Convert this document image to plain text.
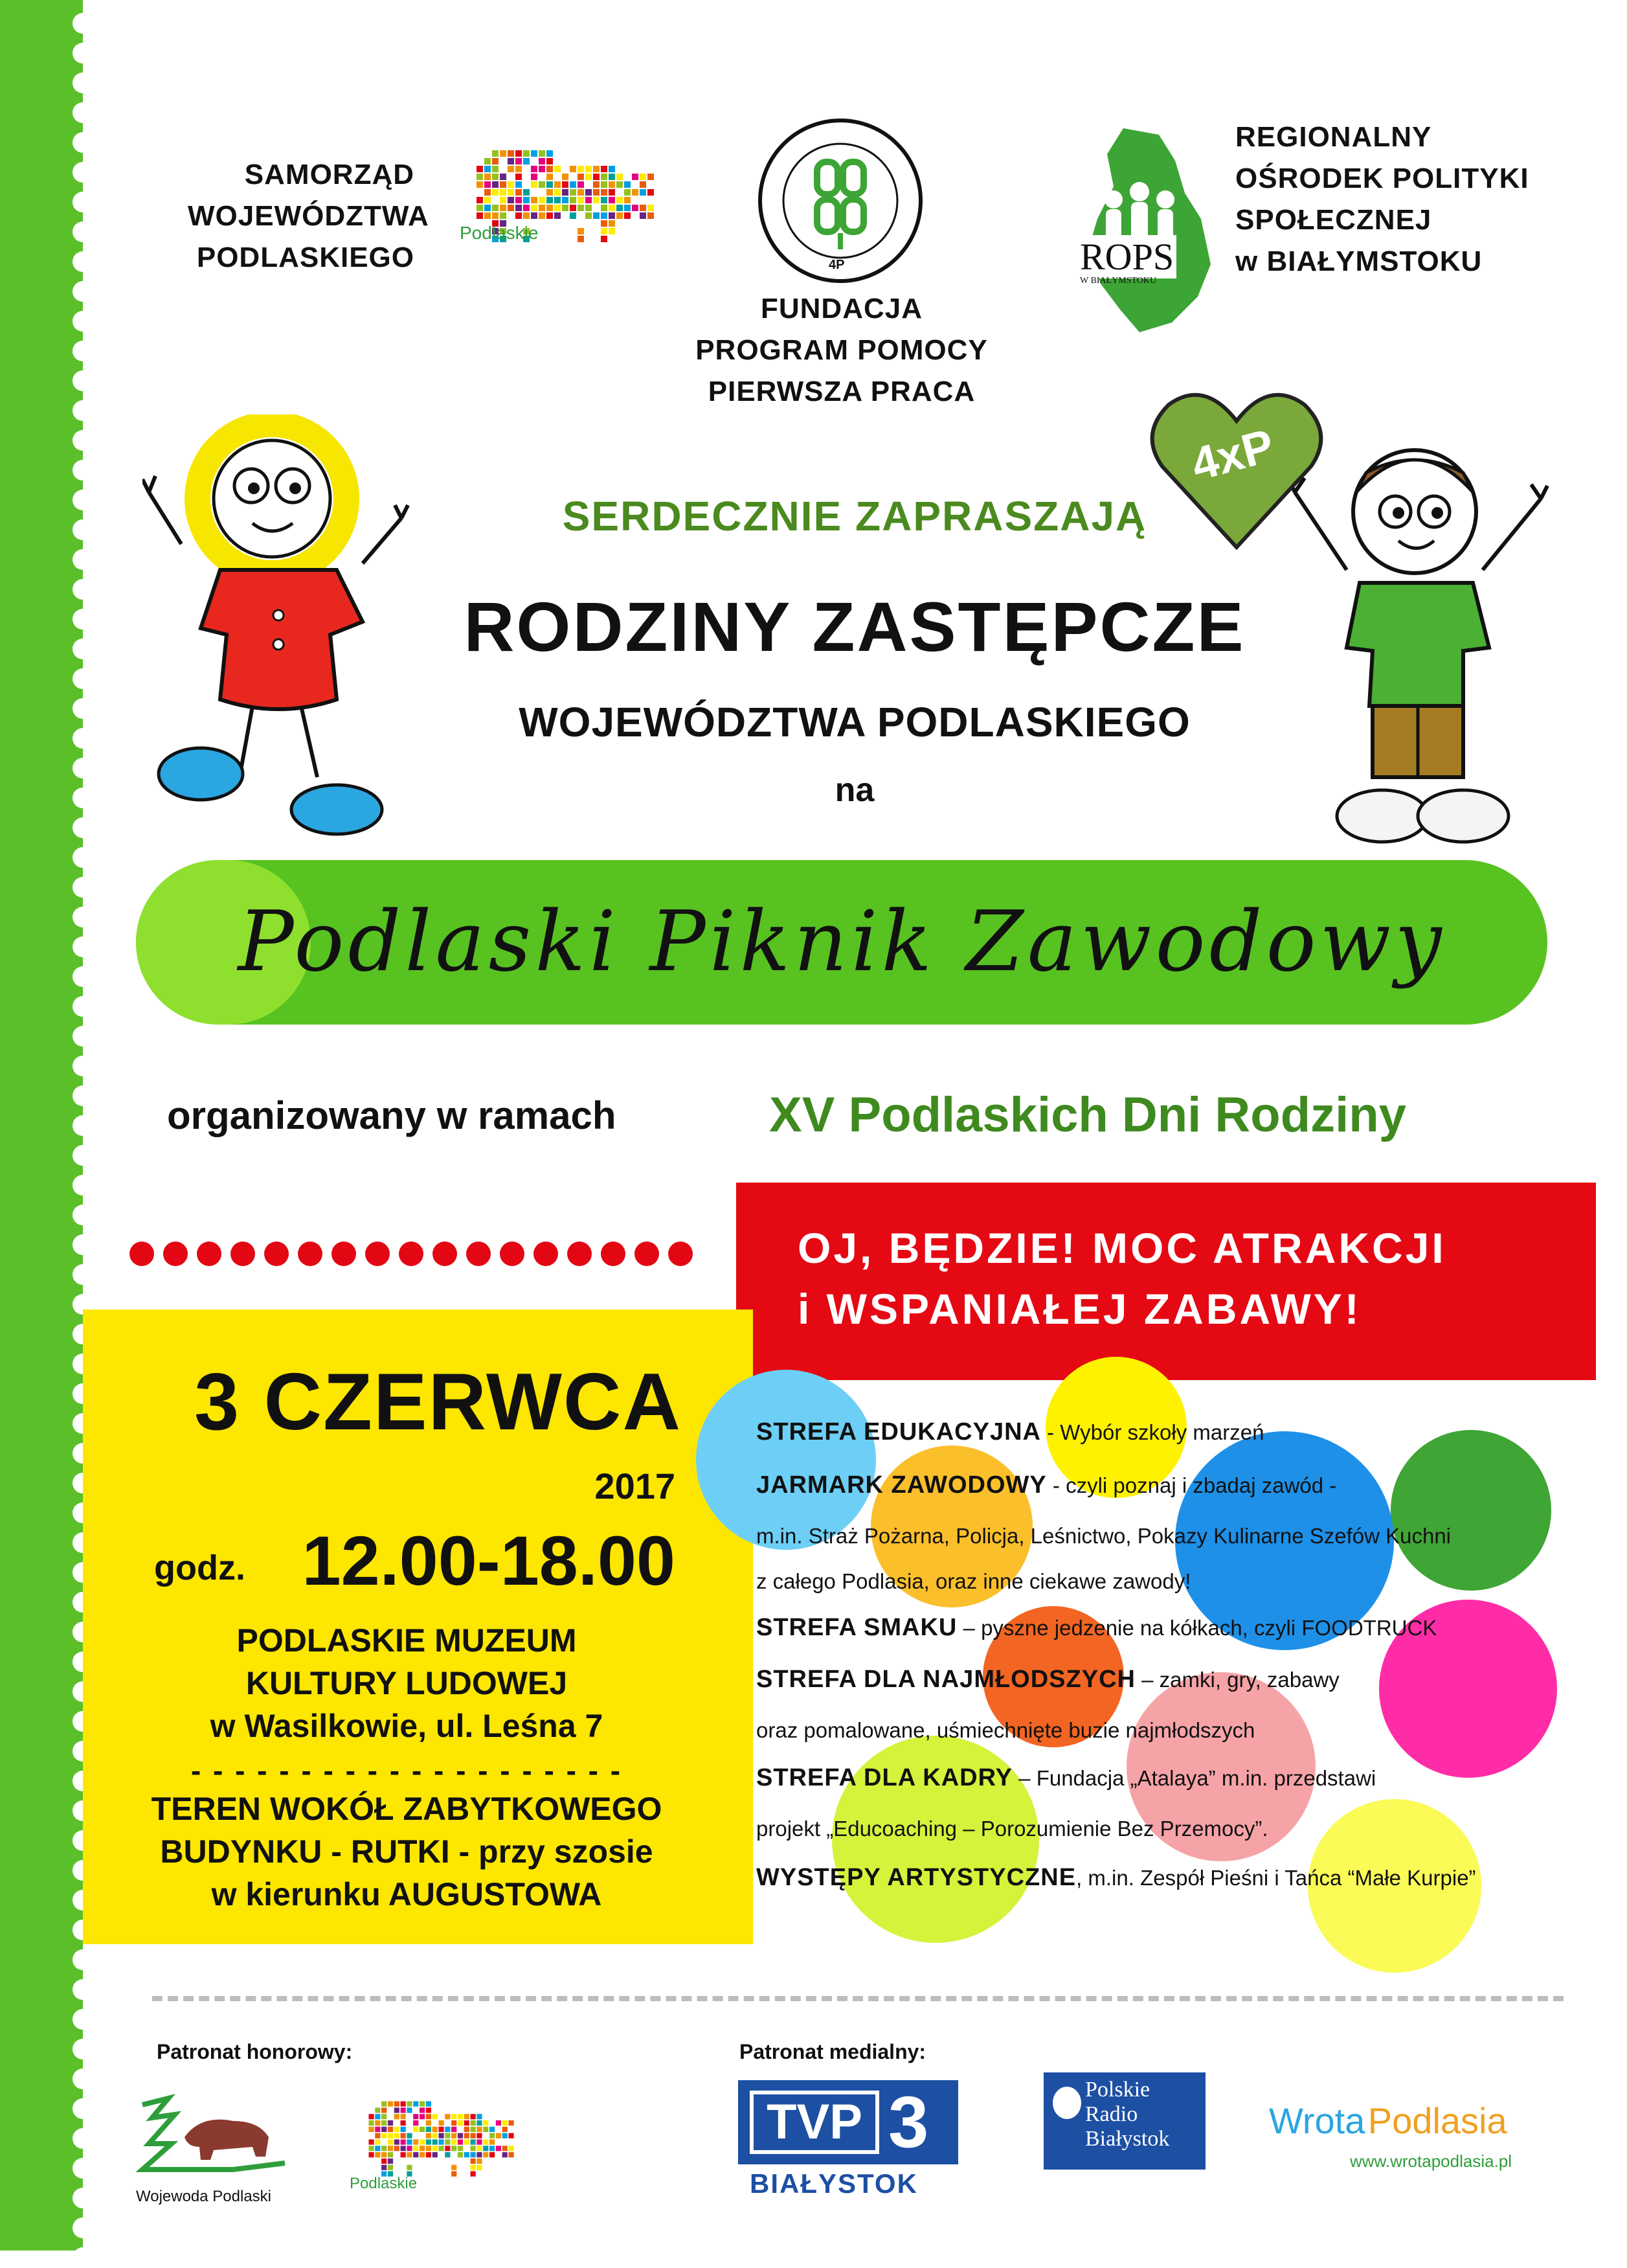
SAMORZĄD
WOJEWÓDZTWA
PODLASKIEGO
Podlaskie
4P
FUNDACJA
PROGRAM POMOCY
PIERWSZA PRACA
ROPS
W BIAŁYMSTOKU
REGIONALNY
OŚRODEK POLITYKI
SPOŁECZNEJ
w BIAŁYMSTOKU
4xP
SERDECZNIE ZAPRASZAJĄ
RODZINY ZASTĘPCZE
WOJEWÓDZTWA PODLASKIEGO
na
Podlaski Piknik Zawodowy
organizowany w ramach	XV Podlaskich Dni Rodziny
OJ, BĘDZIE! MOC ATRAKCJI
i WSPANIAŁEJ ZABAWY!
3 CZERWCA
2017
godz. 12.00-18.00
PODLASKIE MUZEUM
KULTURY LUDOWEJ
w Wasilkowie, ul. Leśna 7
- - - - - - - - - - - - - - - - - - - -
TEREN WOKÓŁ ZABYTKOWEGO
BUDYNKU - RUTKI - przy szosie
w kierunku AUGUSTOWA
STREFA EDUKACYJNA - Wybór szkoły marzeń
JARMARK ZAWODOWY - czyli poznaj i zbadaj zawód -
m.in. Straż Pożarna, Policja, Leśnictwo, Pokazy Kulinarne Szefów Kuchni
z całego Podlasia, oraz inne ciekawe zawody!
STREFA SMAKU – pyszne jedzenie na kółkach, czyli FOODTRUCK
STREFA DLA NAJMŁODSZYCH – zamki, gry, zabawy
oraz pomalowane, uśmiechnięte buzie najmłodszych
STREFA DLA KADRY – Fundacja „Atalaya” m.in. przedstawi
projekt „Educoaching – Porozumienie Bez Przemocy”.
WYSTĘPY ARTYSTYCZNE, m.in. Zespół Pieśni i Tańca “Małe Kurpie”
Patronat honorowy:	Patronat medialny:
Wojewoda Podlaski
Podlaskie
TVP 3
BIAŁYSTOK
Polskie
Radio
Białystok	Wrota Podlasia
www.wrotapodlasia.pl
